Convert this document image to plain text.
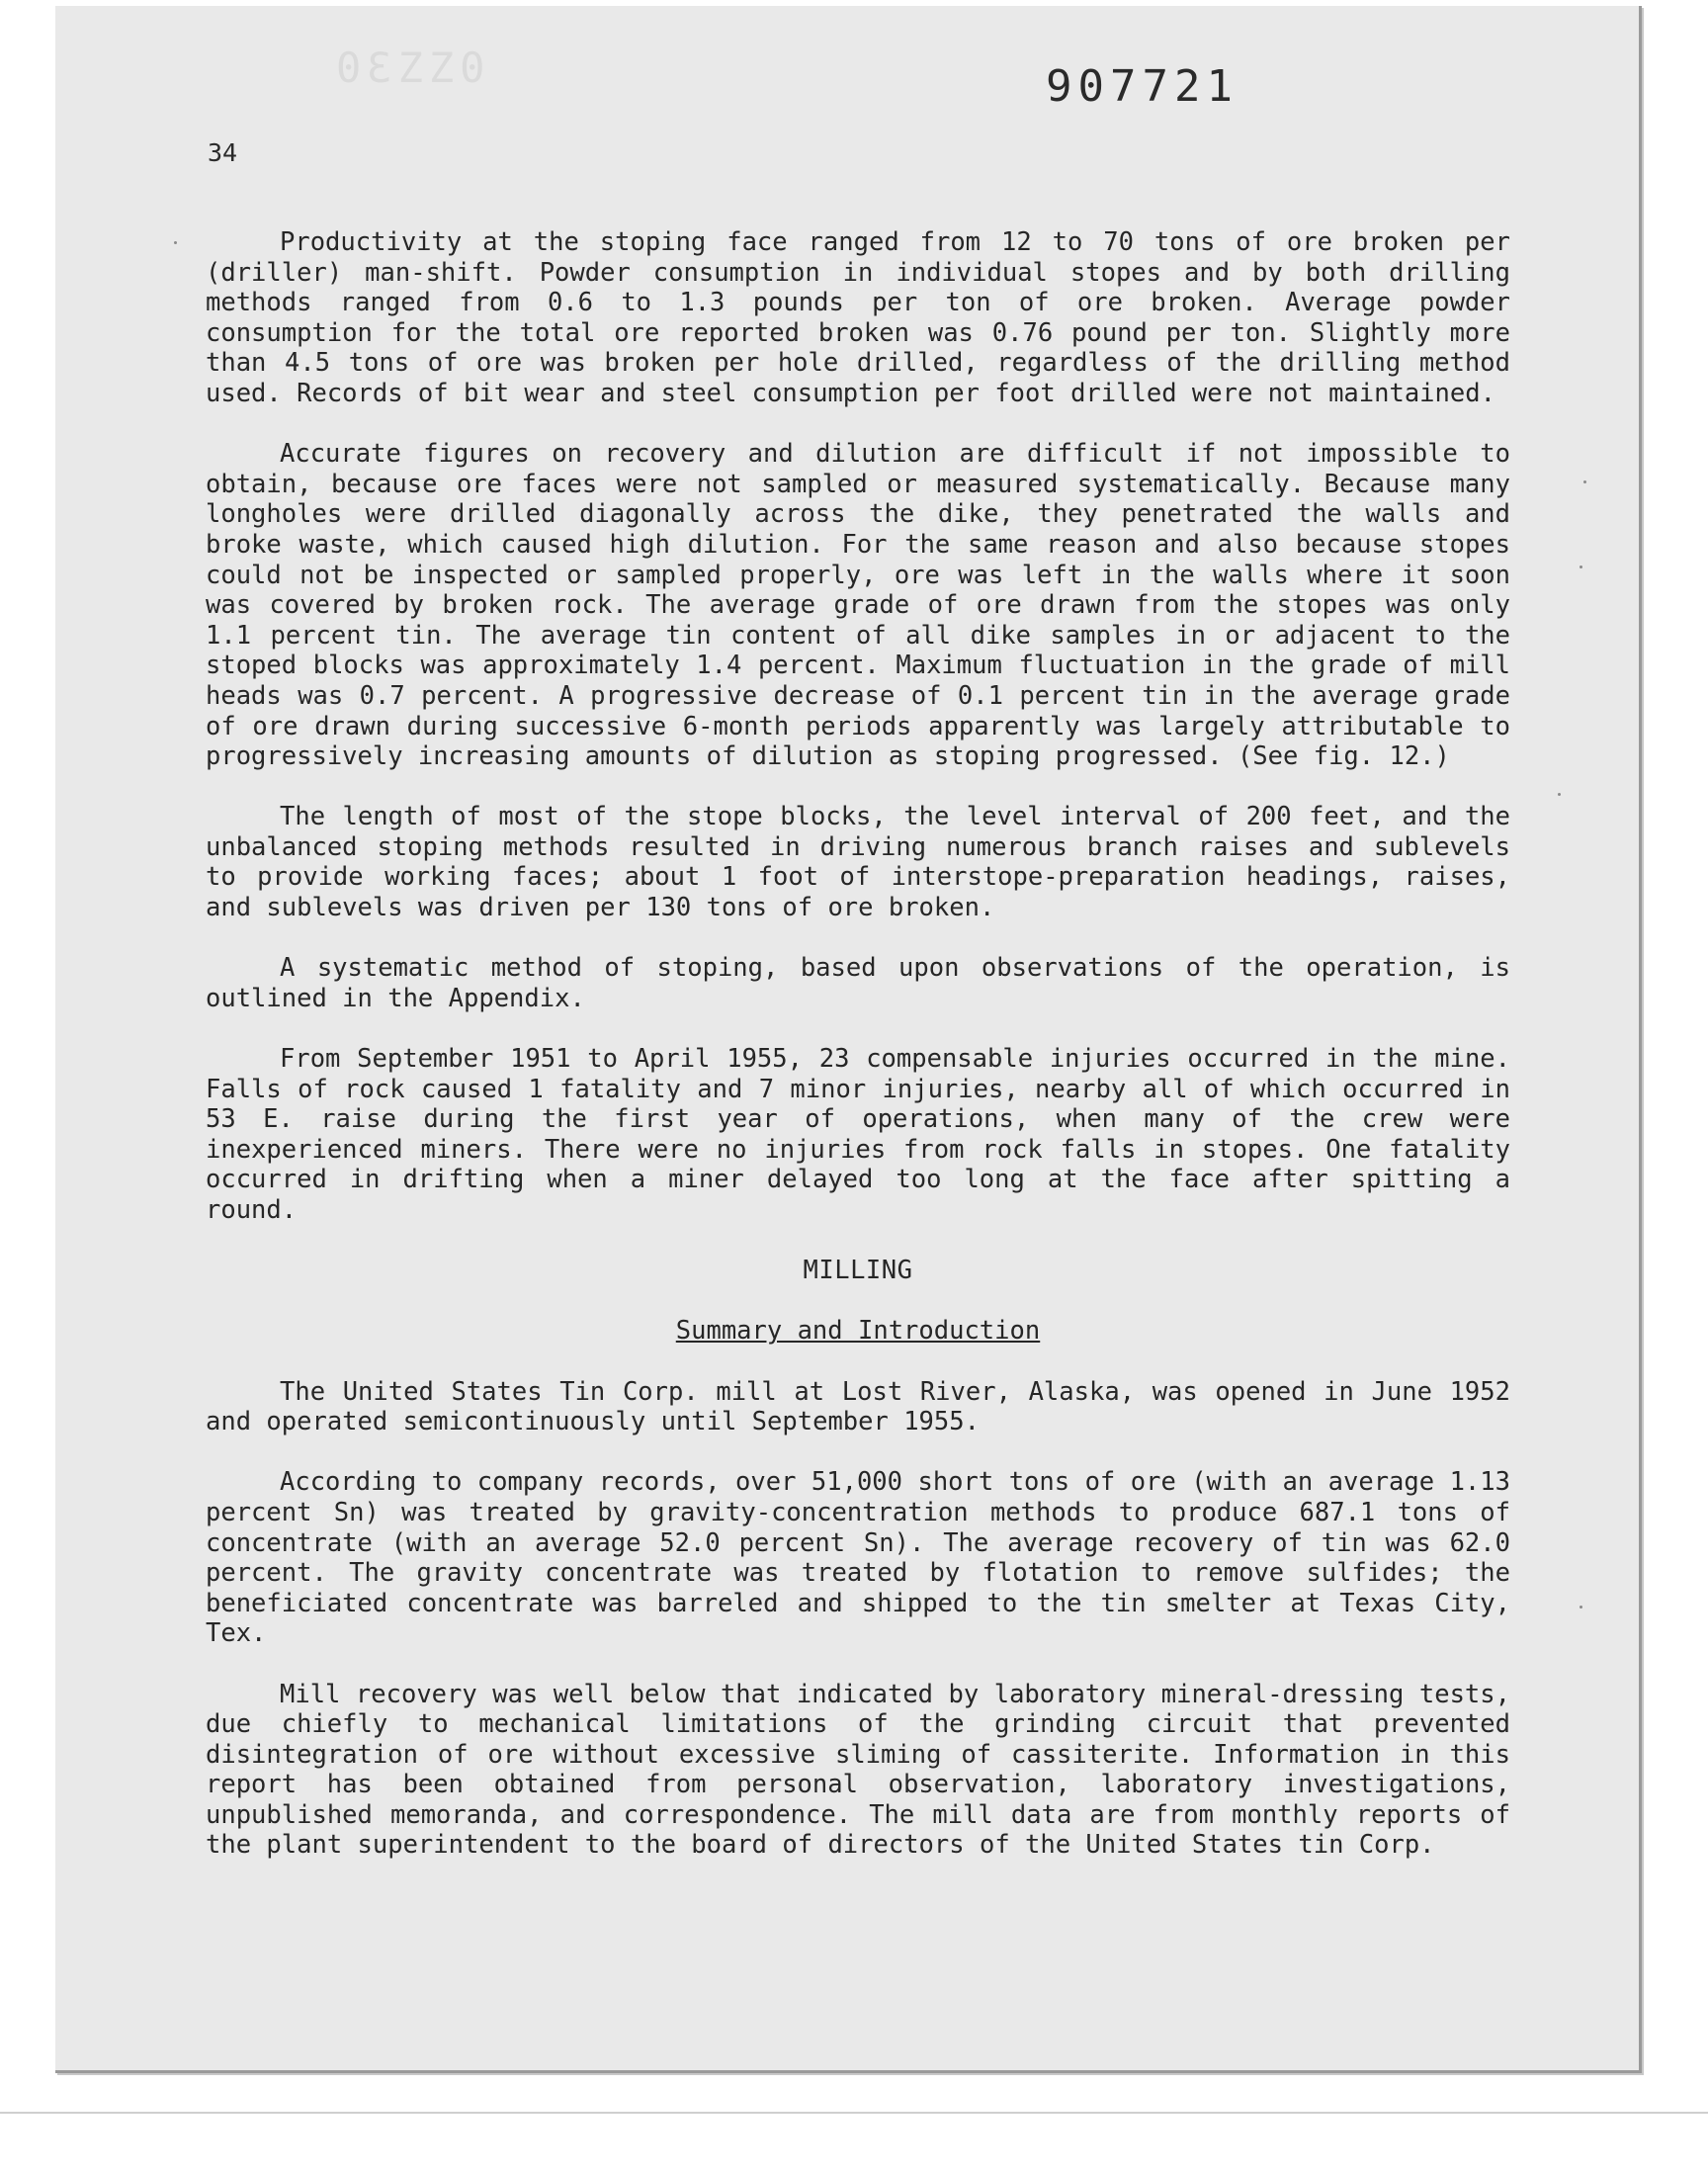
0ƐZZ0	907721
34

Productivity at the stoping face ranged from 12 to 70 tons of ore broken per (driller) man-shift. Powder consumption in individual stopes and by both drilling methods ranged from 0.6 to 1.3 pounds per ton of ore broken. Average powder consumption for the total ore reported broken was 0.76 pound per ton. Slightly more than 4.5 tons of ore was broken per hole drilled, regardless of the drilling method used. Records of bit wear and steel consumption per foot drilled were not maintained.

Accurate figures on recovery and dilution are difficult if not impossible to obtain, because ore faces were not sampled or measured systematically. Because many longholes were drilled diagonally across the dike, they penetrated the walls and broke waste, which caused high dilution. For the same reason and also because stopes could not be inspected or sampled properly, ore was left in the walls where it soon was covered by broken rock. The average grade of ore drawn from the stopes was only 1.1 percent tin. The average tin content of all dike samples in or adjacent to the stoped blocks was approximately 1.4 percent. Maximum fluctuation in the grade of mill heads was 0.7 percent. A progressive decrease of 0.1 percent tin in the average grade of ore drawn during successive 6-month periods apparently was largely attributable to progressively increasing amounts of dilution as stoping progressed. (See fig. 12.)

The length of most of the stope blocks, the level interval of 200 feet, and the unbalanced stoping methods resulted in driving numerous branch raises and sublevels to provide working faces; about 1 foot of interstope-preparation headings, raises, and sublevels was driven per 130 tons of ore broken.

A systematic method of stoping, based upon observations of the operation, is outlined in the Appendix.

From September 1951 to April 1955, 23 compensable injuries occurred in the mine. Falls of rock caused 1 fatality and 7 minor injuries, nearby all of which occurred in 53 E. raise during the first year of operations, when many of the crew were inexperienced miners. There were no injuries from rock falls in stopes. One fatality occurred in drifting when a miner delayed too long at the face after spitting a round.

MILLING
Summary and Introduction

The United States Tin Corp. mill at Lost River, Alaska, was opened in June 1952 and operated semicontinuously until September 1955.

According to company records, over 51,000 short tons of ore (with an average 1.13 percent Sn) was treated by gravity-concentration methods to produce 687.1 tons of concentrate (with an average 52.0 percent Sn). The average recovery of tin was 62.0 percent. The gravity concentrate was treated by flotation to remove sulfides; the beneficiated concentrate was barreled and shipped to the tin smelter at Texas City, Tex.

Mill recovery was well below that indicated by laboratory mineral-dressing tests, due chiefly to mechanical limitations of the grinding circuit that prevented disintegration of ore without excessive sliming of cassiterite. Information in this report has been obtained from personal observation, laboratory investigations, unpublished memoranda, and correspondence. The mill data are from monthly reports of the plant superintendent to the board of directors of the United States tin Corp.
